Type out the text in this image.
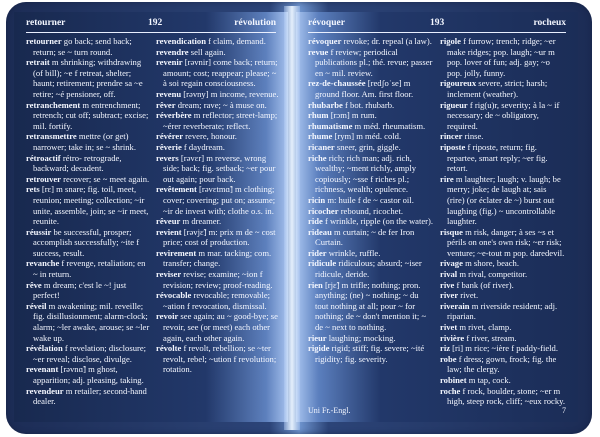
retourner	192	révolution

retourner go back; send back; return; se ~ turn round.

retrait m shrinking; withdrawing (of bill); ~e f retreat, shelter; haunt; retirement; prendre sa ~e retire; ~é pensioner, off.

retranchement m entrenchment; retrench; cut off; subtract; excise; mil. fortify.

retransmettre mettre (or get) narrower; take in; se ~ shrink.

rétroactif rétro‑ retrograde, backward; decadent.

retrouver recover; se ~ meet again.

rets [rɛ] m snare; fig. toil, meet, reunion; meeting; collection; ~ir unite, assemble, join; se ~ir meet, reunite.

réussir be successful, prosper; accomplish successfully; ~ite f success, result.

revanche f revenge, retaliation; en ~ in return.

rêve m dream; c'est le ~! just perfect!

réveil m awakening; mil. reveille; fig. disillusionment; alarm‑clock; alarm; ~ler awake, arouse; se ~ler wake up.

révélation f revelation; disclosure; ~er reveal; disclose, divulge.

revenant [rəvnɑ̃] m ghost, apparition; adj. pleasing, taking.

revendeur m retailer; second‑hand dealer.

revendication f claim, demand.

revendre sell again.

revenir [rəvnir] come back; return; amount; cost; reappear; please; ~ à soi regain consciousness.

revenu [rəvny] m income, revenue.

rêver dream; rave; ~ à muse on.

réverbère m reflector; street‑lamp; ~érer reverberate; reflect.

révérer revere, honour.

rêverie f daydream.

revers [rəvɛr] m reverse, wrong side; back; fig. setback; ~er pour out again; pour back.

revêtement [rəvɛtmɑ̃] m clothing; cover; covering; put on; assume; ~ir de invest with; clothe o.s. in.

rêveur m dreamer.

revient [rəvjɛ̃] m: prix m de ~ cost price; cost of production.

revirement m mar. tacking; com. transfer; change.

reviser revise; examine; ~ion f revision; review; proof‑reading.

révocable revocable; removable; ~ation f revocation, dismissal.

revoir see again; au ~ good‑bye; se revoir, see (or meet) each other again, each other again.

révolte f revolt, rebellion; se ~ter revolt, rebel; ~ution f revolution; rotation.

révoquer	193	rocheux

révoquer revoke; dr. repeal (a law).

revue f review; periodical publications pl.; thé. revue; passer en ~ mil. review.

rez-de-chaussée [redʃoˈse] m ground floor. Am. first floor.

rhubarbe f bot. rhubarb.

rhum [rɔm] m rum.

rhumatisme m méd. rheumatism.

rhume [rym] m méd. cold.

ricaner sneer, grin, giggle.

riche rich; rich man; adj. rich, wealthy; ~ment richly, amply copiously; ~sse f riches pl.; richness, wealth; opulence.

ricin m: huile f de ~ castor oil.

ricocher rebound, ricochet.

ride f wrinkle, ripple (on the water).

rideau m curtain; ~ de fer Iron Curtain.

rider wrinkle, ruffle.

ridicule ridiculous; absurd; ~iser ridicule, deride.

rien [rjɛ̃] m trifle; nothing; pron. anything; (ne) ~ nothing; ~ du tout nothing at all; pour ~ for nothing; de ~ don't mention it; ~ de ~ next to nothing.

rieur laughing; mocking.

rigide rigid; stiff; fig. severe; ~ité rigidity; fig. severity.

rigole f furrow; trench; ridge; ~er make ridges; pop. laugh; ~ur m pop. lover of fun; adj. gay; ~o pop. jolly, funny.

rigoureux severe, strict; harsh; inclement (weather).

rigueur f rig(u)r, severity; à la ~ if necessary; de ~ obligatory, required.

rincer rinse.

riposte f riposte, return; fig. repartee, smart reply; ~er fig. retort.

rire m laughter; laugh; v. laugh; be merry; joke; de laugh at; sais (rire) (or éclater de ~) burst out laughing (fig.) ~ uncontrollable laughter.

risque m risk, danger; à ses ~s et périls on one's own risk; ~er risk; venture; ~e‑tout m pop. daredevil.

rivage m shore, beach.

rival m rival, competitor.

rive f bank (of river).

river rivet.

riverain m riverside resident; adj. riparian.

rivet m rivet, clamp.

rivière f river, stream.

riz [ri] m rice; ~ière f paddy‑field.

robe f dress; gown, frock; fig. the law; the clergy.

robinet m tap, cock.

roche f rock, boulder, stone; ~er m high, steep rock, cliff; ~eux rocky.

Uni Fr.-Engl.	7
